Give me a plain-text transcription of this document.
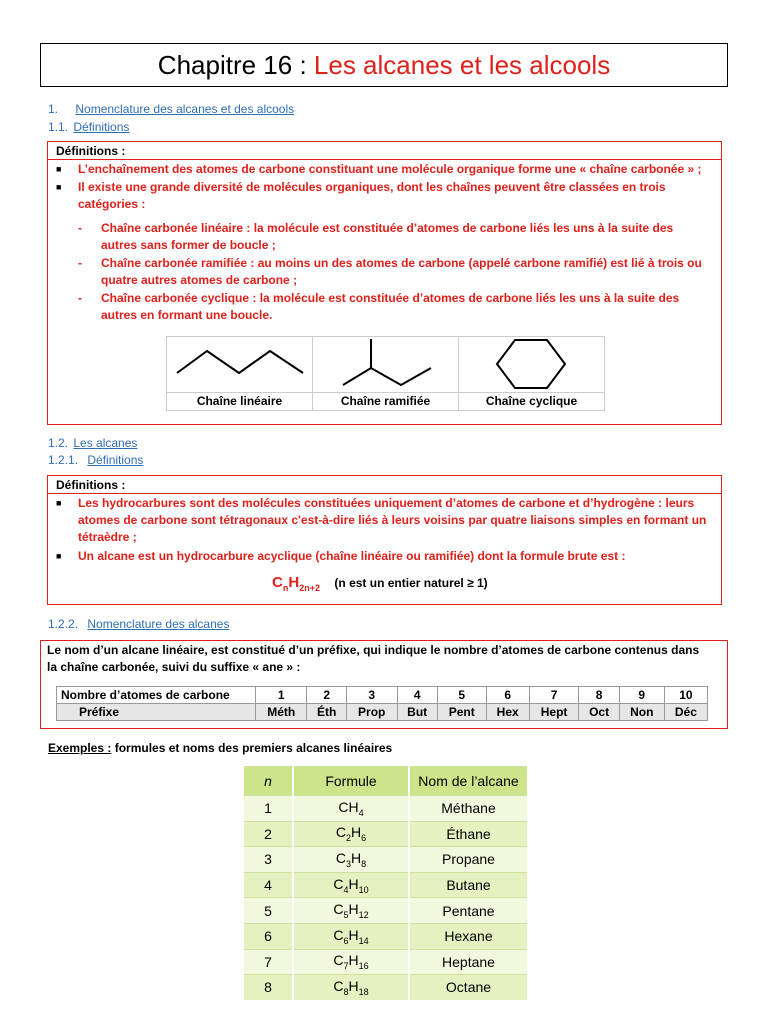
Chapitre 16 : Les alcanes et les alcools
1. Nomenclature des alcanes et des alcools
1.1. Définitions
Définitions :
■ L’enchaînement des atomes de carbone constituant une molécule organique forme une « chaîne carbonée » ;
■ Il existe une grande diversité de molécules organiques, dont les chaînes peuvent être classées en trois
catégories :
- Chaîne carbonée linéaire : la molécule est constituée d’atomes de carbone liés les uns à la suite des
autres sans former de boucle ;
- Chaîne carbonée ramifiée : au moins un des atomes de carbone (appelé carbone ramifié) est lié à trois ou
quatre autres atomes de carbone ;
- Chaîne carbonée cyclique : la molécule est constituée d’atomes de carbone liés les uns à la suite des
autres en formant une boucle.
Chaîne linéaire	Chaîne ramifiée	Chaîne cyclique
1.2. Les alcanes
1.2.1. Définitions
Définitions :
■ Les hydrocarbures sont des molécules constituées uniquement d’atomes de carbone et d’hydrogène : leurs
atomes de carbone sont tétragonaux c'est-à-dire liés à leurs voisins par quatre liaisons simples en formant un
tétraèdre ;
■ Un alcane est un hydrocarbure acyclique (chaîne linéaire ou ramifiée) dont la formule brute est :
$C_nH_{2n+2}$ (n est un entier naturel ≥ 1)
1.2.2. Nomenclature des alcanes
Le nom d’un alcane linéaire, est constitué d’un préfixe, qui indique le nombre d’atomes de carbone contenus dans
la chaîne carbonée, suivi du suffixe « ane » :
Nombre d’atomes de carbone	1	2	3	4	5	6	7	8	9	10
Préfixe	Méth	Éth	Prop	But	Pent	Hex	Hept	Oct	Non	Déc
Exemples : formules et noms des premiers alcanes linéaires
n	Formule	Nom de l’alcane
1	$CH_4$	Méthane
2	$C_2H_6$	Éthane
3	$C_3H_8$	Propane
4	$C_4H_{10}$	Butane
5	$C_5H_{12}$	Pentane
6	$C_6H_{14}$	Hexane
7	$C_7H_{16}$	Heptane
8	$C_8H_{18}$	Octane
